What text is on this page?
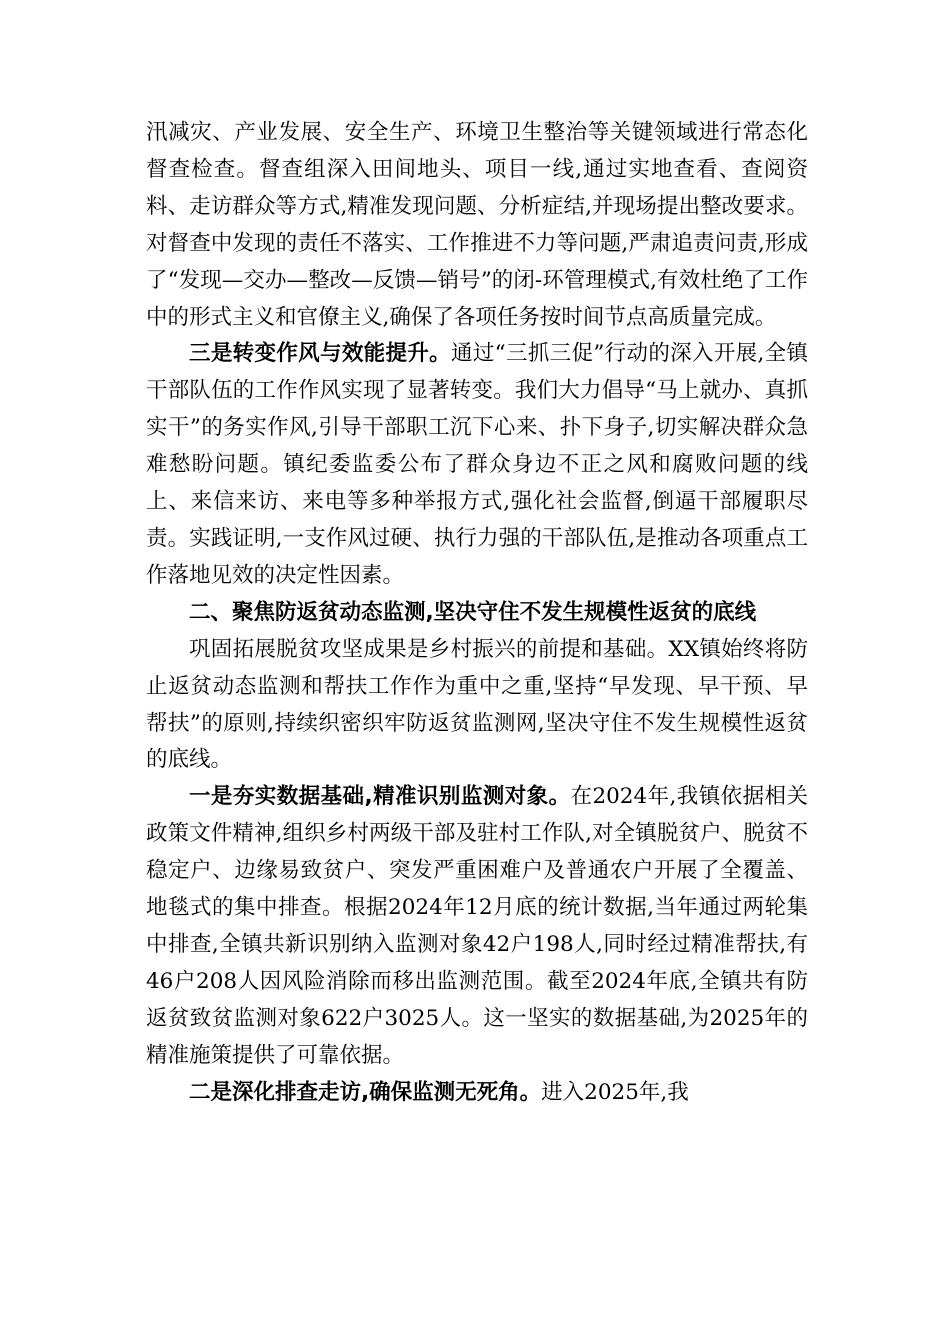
汛减灾、产业发展、安全生产、环境卫生整治等关键领域进行常态化督查检查。督查组深入田间地头、项目一线,通过实地查看、查阅资料、走访群众等方式,精准发现问题、分析症结,并现场提出整改要求。对督查中发现的责任不落实、工作推进不力等问题,严肃追责问责,形成了“发现—交办—整改—反馈—销号”的闭-环管理模式,有效杜绝了工作中的形式主义和官僚主义,确保了各项任务按时间节点高质量完成。

三是转变作风与效能提升。通过“三抓三促”行动的深入开展,全镇干部队伍的工作作风实现了显著转变。我们大力倡导“马上就办、真抓实干”的务实作风,引导干部职工沉下心来、扑下身子,切实解决群众急难愁盼问题。镇纪委监委公布了群众身边不正之风和腐败问题的线上、来信来访、来电等多种举报方式,强化社会监督,倒逼干部履职尽责。实践证明,一支作风过硬、执行力强的干部队伍,是推动各项重点工作落地见效的决定性因素。

二、聚焦防返贫动态监测,坚决守住不发生规模性返贫的底线

巩固拓展脱贫攻坚成果是乡村振兴的前提和基础。XX镇始终将防止返贫动态监测和帮扶工作作为重中之重,坚持“早发现、早干预、早帮扶”的原则,持续织密织牢防返贫监测网,坚决守住不发生规模性返贫的底线。

一是夯实数据基础,精准识别监测对象。在2024年,我镇依据相关政策文件精神,组织乡村两级干部及驻村工作队,对全镇脱贫户、脱贫不稳定户、边缘易致贫户、突发严重困难户及普通农户开展了全覆盖、地毯式的集中排查。根据2024年12月底的统计数据,当年通过两轮集中排查,全镇共新识别纳入监测对象42户198人,同时经过精准帮扶,有46户208人因风险消除而移出监测范围。截至2024年底,全镇共有防返贫致贫监测对象622户3025人。这一坚实的数据基础,为2025年的精准施策提供了可靠依据。

二是深化排查走访,确保监测无死角。进入2025年,我
